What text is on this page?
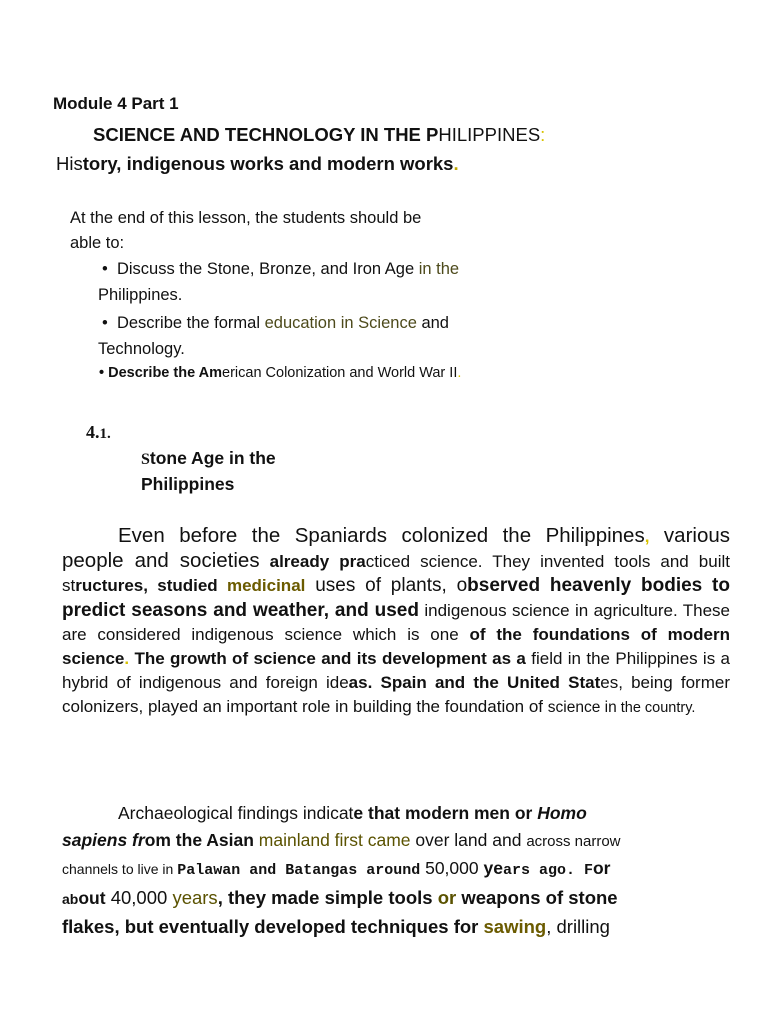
Module 4 Part 1
SCIENCE AND TECHNOLOGY IN THE PHILIPPINES:
History, indigenous works and modern works.
At the end of this lesson, the students should be
able to:
• Discuss the Stone, Bronze, and Iron Age in the
Philippines.
• Describe the formal education in Science and
Technology.
• Describe the American Colonization and World War II.
4.1.
Stone Age in the
Philippines
Even before the Spaniards colonized the Philippines, various people and societies already practiced science. They invented tools and built structures, studied medicinal uses of plants, observed heavenly bodies to predict seasons and weather, and used indigenous science in agriculture. These are considered indigenous science which is one of the foundations of modern science. The growth of science and its development as a field in the Philippines is a hybrid of indigenous and foreign ideas. Spain and the United States, being former colonizers, played an important role in building the foundation of science in the country.
Archaeological findings indicate that modern men or Homo
sapiens from the Asian mainland first came over land and across narrow
channels to live in Palawan and Batangas around 50,000 years ago. For
about 40,000 years, they made simple tools or weapons of stone
flakes, but eventually developed techniques for sawing, drilling
